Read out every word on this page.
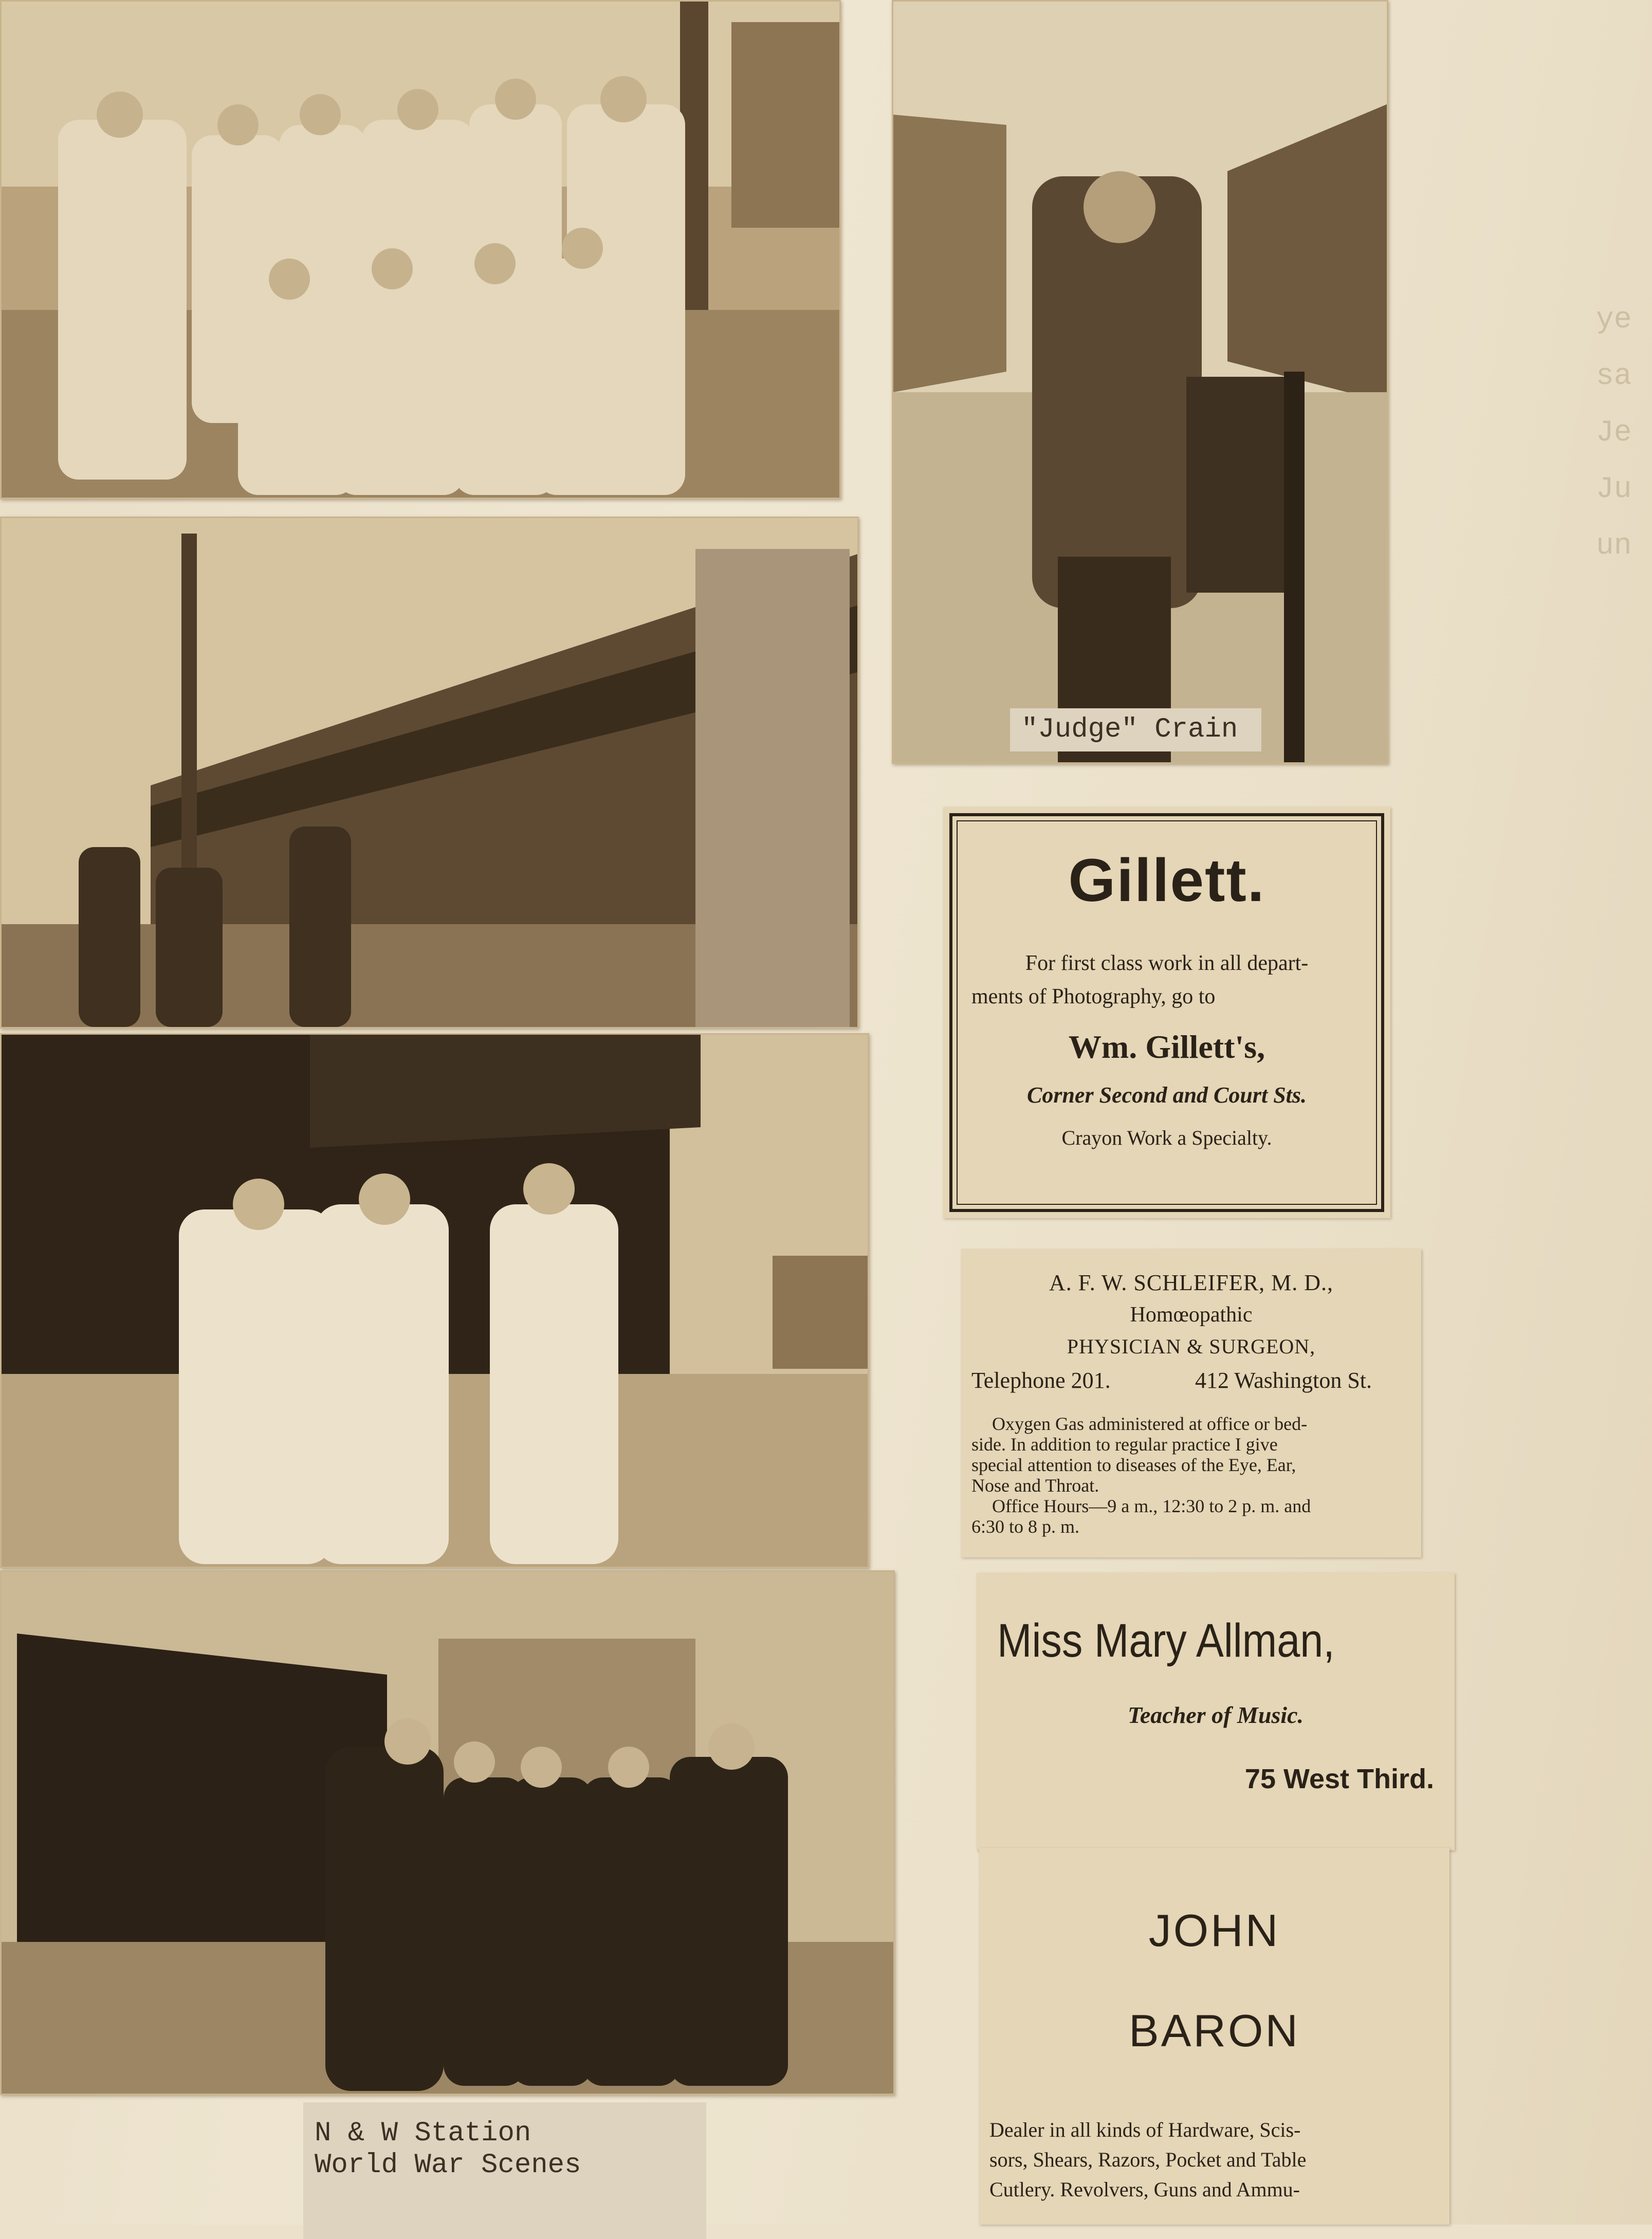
ye
sa
Je
Ju
un
"Judge" Crain
N & W Station
World War Scenes
Gillett.
For first class work in all depart-
ments of Photography, go to
Wm. Gillett's,
Corner Second and Court Sts.
Crayon Work a Specialty.
A. F. W. SCHLEIFER, M. D.,
Homœopathic
PHYSICIAN & SURGEON,
Telephone 201.	412 Washington St.
Oxygen Gas administered at office or bed-
side. In addition to regular practice I give
special attention to diseases of the Eye, Ear,
Nose and Throat.
Office Hours—9 a m., 12:30 to 2 p. m. and
6:30 to 8 p. m.
Miss Mary Allman,
Teacher of Music.
75 West Third.
JOHN
BARON
Dealer in all kinds of Hardware, Scis-
sors, Shears, Razors, Pocket and Table
Cutlery. Revolvers, Guns and Ammu-
